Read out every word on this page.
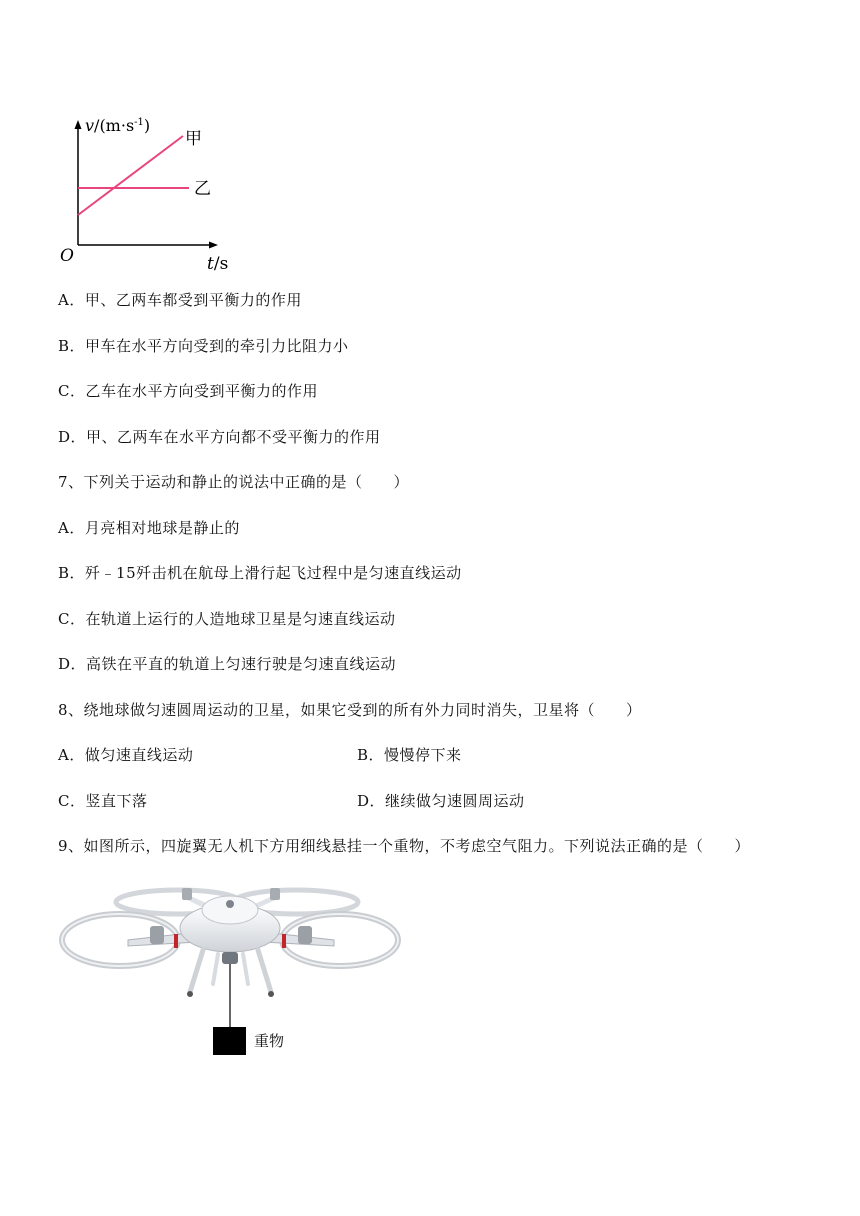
$v/(m\cdot s^{-1})$
甲
乙
O	t/s
A．甲、乙两车都受到平衡力的作用
B．甲车在水平方向受到的牵引力比阻力小
C．乙车在水平方向受到平衡力的作用
D．甲、乙两车在水平方向都不受平衡力的作用
7、下列关于运动和静止的说法中正确的是（　　）
A．月亮相对地球是静止的
B．歼﹣15歼击机在航母上滑行起飞过程中是匀速直线运动
C．在轨道上运行的人造地球卫星是匀速直线运动
D．高铁在平直的轨道上匀速行驶是匀速直线运动
8、绕地球做匀速圆周运动的卫星，如果它受到的所有外力同时消失，卫星将（　　）
A．做匀速直线运动	B．慢慢停下来
C．竖直下落	D．继续做匀速圆周运动
9、如图所示，四旋翼无人机下方用细线悬挂一个重物，不考虑空气阻力。下列说法正确的是（　　）
重物
